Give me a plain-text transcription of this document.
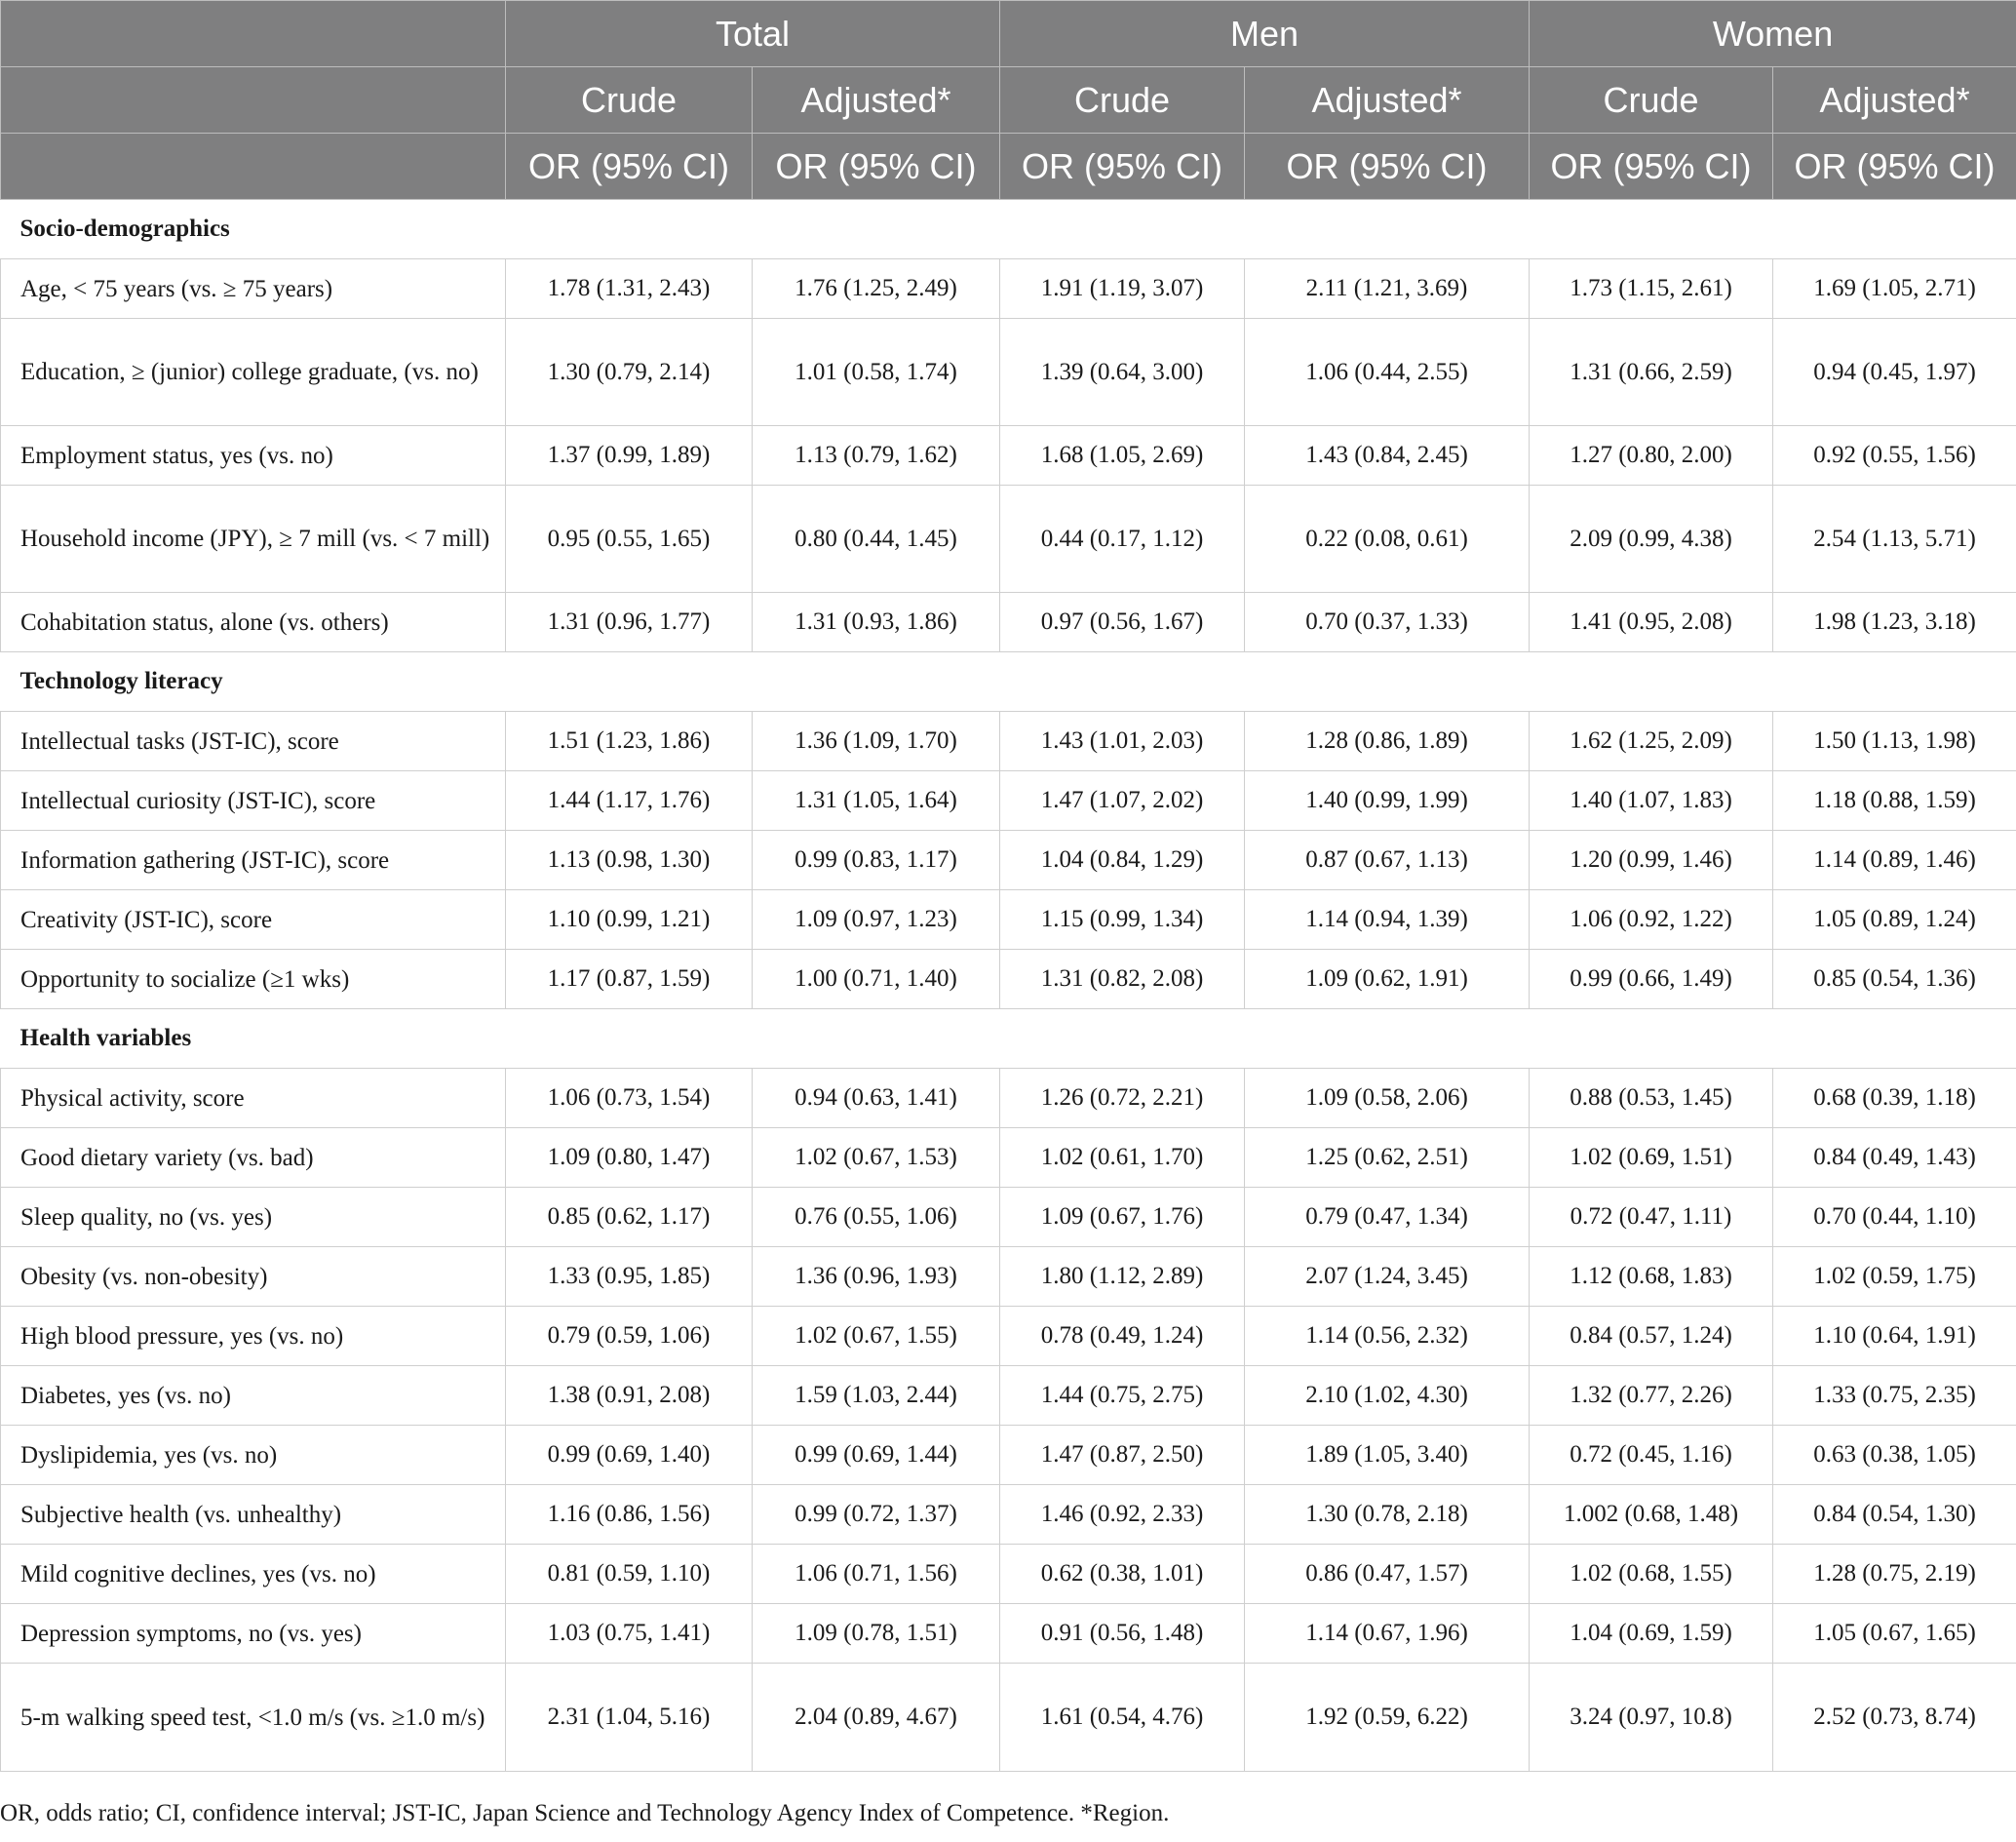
	Total		Men		Women	
	Crude	Adjusted*	Crude	Adjusted*	Crude	Adjusted*
	OR (95% CI)	OR (95% CI)	OR (95% CI)	OR (95% CI)	OR (95% CI)	OR (95% CI)
Socio-demographics						
Age, < 75 years (vs. ≥ 75 years)	1.78 (1.31, 2.43)	1.76 (1.25, 2.49)	1.91 (1.19, 3.07)	2.11 (1.21, 3.69)	1.73 (1.15, 2.61)	1.69 (1.05, 2.71)
Education, ≥ (junior) college graduate, (vs. no)	1.30 (0.79, 2.14)	1.01 (0.58, 1.74)	1.39 (0.64, 3.00)	1.06 (0.44, 2.55)	1.31 (0.66, 2.59)	0.94 (0.45, 1.97)
Employment status, yes (vs. no)	1.37 (0.99, 1.89)	1.13 (0.79, 1.62)	1.68 (1.05, 2.69)	1.43 (0.84, 2.45)	1.27 (0.80, 2.00)	0.92 (0.55, 1.56)
Household income (JPY), ≥ 7 mill (vs. < 7 mill)	0.95 (0.55, 1.65)	0.80 (0.44, 1.45)	0.44 (0.17, 1.12)	0.22 (0.08, 0.61)	2.09 (0.99, 4.38)	2.54 (1.13, 5.71)
Cohabitation status, alone (vs. others)	1.31 (0.96, 1.77)	1.31 (0.93, 1.86)	0.97 (0.56, 1.67)	0.70 (0.37, 1.33)	1.41 (0.95, 2.08)	1.98 (1.23, 3.18)
Technology literacy						
Intellectual tasks (JST-IC), score	1.51 (1.23, 1.86)	1.36 (1.09, 1.70)	1.43 (1.01, 2.03)	1.28 (0.86, 1.89)	1.62 (1.25, 2.09)	1.50 (1.13, 1.98)
Intellectual curiosity (JST-IC), score	1.44 (1.17, 1.76)	1.31 (1.05, 1.64)	1.47 (1.07, 2.02)	1.40 (0.99, 1.99)	1.40 (1.07, 1.83)	1.18 (0.88, 1.59)
Information gathering (JST-IC), score	1.13 (0.98, 1.30)	0.99 (0.83, 1.17)	1.04 (0.84, 1.29)	0.87 (0.67, 1.13)	1.20 (0.99, 1.46)	1.14 (0.89, 1.46)
Creativity (JST-IC), score	1.10 (0.99, 1.21)	1.09 (0.97, 1.23)	1.15 (0.99, 1.34)	1.14 (0.94, 1.39)	1.06 (0.92, 1.22)	1.05 (0.89, 1.24)
Opportunity to socialize (≥1 wks)	1.17 (0.87, 1.59)	1.00 (0.71, 1.40)	1.31 (0.82, 2.08)	1.09 (0.62, 1.91)	0.99 (0.66, 1.49)	0.85 (0.54, 1.36)
Health variables						
Physical activity, score	1.06 (0.73, 1.54)	0.94 (0.63, 1.41)	1.26 (0.72, 2.21)	1.09 (0.58, 2.06)	0.88 (0.53, 1.45)	0.68 (0.39, 1.18)
Good dietary variety (vs. bad)	1.09 (0.80, 1.47)	1.02 (0.67, 1.53)	1.02 (0.61, 1.70)	1.25 (0.62, 2.51)	1.02 (0.69, 1.51)	0.84 (0.49, 1.43)
Sleep quality, no (vs. yes)	0.85 (0.62, 1.17)	0.76 (0.55, 1.06)	1.09 (0.67, 1.76)	0.79 (0.47, 1.34)	0.72 (0.47, 1.11)	0.70 (0.44, 1.10)
Obesity (vs. non-obesity)	1.33 (0.95, 1.85)	1.36 (0.96, 1.93)	1.80 (1.12, 2.89)	2.07 (1.24, 3.45)	1.12 (0.68, 1.83)	1.02 (0.59, 1.75)
High blood pressure, yes (vs. no)	0.79 (0.59, 1.06)	1.02 (0.67, 1.55)	0.78 (0.49, 1.24)	1.14 (0.56, 2.32)	0.84 (0.57, 1.24)	1.10 (0.64, 1.91)
Diabetes, yes (vs. no)	1.38 (0.91, 2.08)	1.59 (1.03, 2.44)	1.44 (0.75, 2.75)	2.10 (1.02, 4.30)	1.32 (0.77, 2.26)	1.33 (0.75, 2.35)
Dyslipidemia, yes (vs. no)	0.99 (0.69, 1.40)	0.99 (0.69, 1.44)	1.47 (0.87, 2.50)	1.89 (1.05, 3.40)	0.72 (0.45, 1.16)	0.63 (0.38, 1.05)
Subjective health (vs. unhealthy)	1.16 (0.86, 1.56)	0.99 (0.72, 1.37)	1.46 (0.92, 2.33)	1.30 (0.78, 2.18)	1.002 (0.68, 1.48)	0.84 (0.54, 1.30)
Mild cognitive declines, yes (vs. no)	0.81 (0.59, 1.10)	1.06 (0.71, 1.56)	0.62 (0.38, 1.01)	0.86 (0.47, 1.57)	1.02 (0.68, 1.55)	1.28 (0.75, 2.19)
Depression symptoms, no (vs. yes)	1.03 (0.75, 1.41)	1.09 (0.78, 1.51)	0.91 (0.56, 1.48)	1.14 (0.67, 1.96)	1.04 (0.69, 1.59)	1.05 (0.67, 1.65)
5-m walking speed test, <1.0 m/s (vs. ≥1.0 m/s)	2.31 (1.04, 5.16)	2.04 (0.89, 4.67)	1.61 (0.54, 4.76)	1.92 (0.59, 6.22)	3.24 (0.97, 10.8)	2.52 (0.73, 8.74)
OR, odds ratio; CI, confidence interval; JST-IC, Japan Science and Technology Agency Index of Competence. *Region.
